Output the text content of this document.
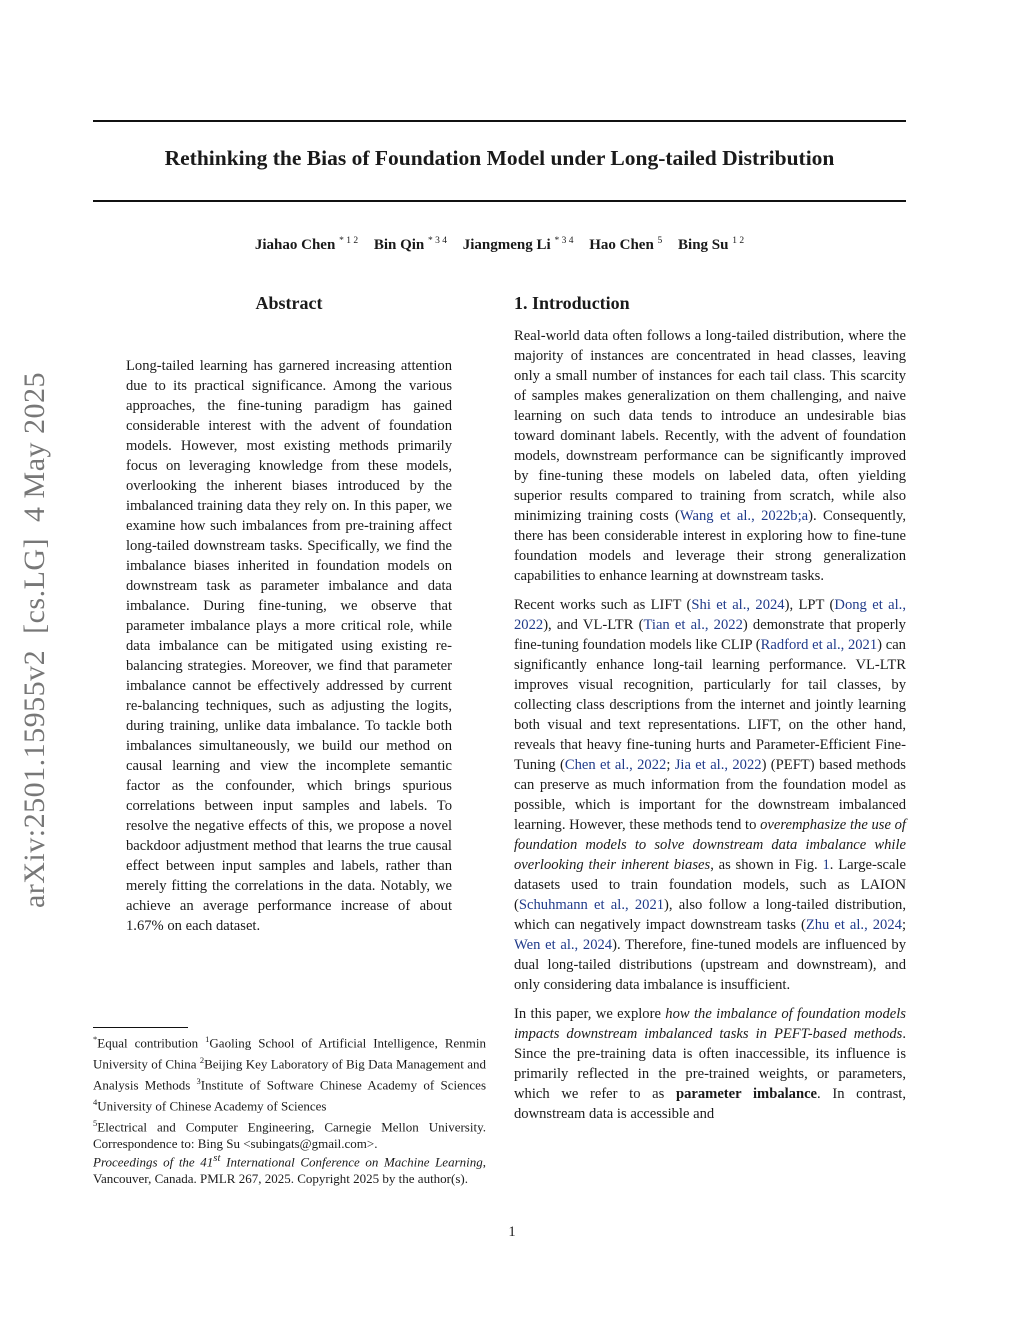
Rethinking the Bias of Foundation Model under Long-tailed Distribution
Jiahao Chen $^{* 1 2}$ Bin Qin $^{* 3 4}$ Jiangmeng Li $^{* 3 4}$ Hao Chen $^5$ Bing Su $^{1 2}$
arXiv:2501.15955v2  [cs.LG]  4 May 2025
Abstract

Long-tailed learning has garnered increasing attention due to its practical significance. Among the various approaches, the fine-tuning paradigm has gained considerable interest with the advent of foundation models. However, most existing methods primarily focus on leveraging knowledge from these models, overlooking the inherent biases introduced by the imbalanced training data they rely on. In this paper, we examine how such imbalances from pre-training affect long-tailed downstream tasks. Specifically, we find the imbalance biases inherited in foundation models on downstream task as parameter imbalance and data imbalance. During fine-tuning, we observe that parameter imbalance plays a more critical role, while data imbalance can be mitigated using existing re-balancing strategies. Moreover, we find that parameter imbalance cannot be effectively addressed by current re-balancing techniques, such as adjusting the logits, during training, unlike data imbalance. To tackle both imbalances simultaneously, we build our method on causal learning and view the incomplete semantic factor as the confounder, which brings spurious correlations between input samples and labels. To resolve the negative effects of this, we propose a novel backdoor adjustment method that learns the true causal effect between input samples and labels, rather than merely fitting the correlations in the data. Notably, we achieve an average performance increase of about 1.67% on each dataset.

1. Introduction

Real-world data often follows a long-tailed distribution, where the majority of instances are concentrated in head classes, leaving only a small number of instances for each tail class. This scarcity of samples makes generalization on them challenging, and naive learning on such data tends to introduce an undesirable bias toward dominant labels. Recently, with the advent of foundation models, downstream performance can be significantly improved by fine-tuning these models on labeled data, often yielding superior results compared to training from scratch, while also minimizing training costs (Wang et al., 2022b;a). Consequently, there has been considerable interest in exploring how to fine-tune foundation models and leverage their strong generalization capabilities to enhance learning at downstream tasks.

Recent works such as LIFT (Shi et al., 2024), LPT (Dong et al., 2022), and VL-LTR (Tian et al., 2022) demonstrate that properly fine-tuning foundation models like CLIP (Radford et al., 2021) can significantly enhance long-tail learning performance. VL-LTR improves visual recognition, particularly for tail classes, by collecting class descriptions from the internet and jointly learning both visual and text representations. LIFT, on the other hand, reveals that heavy fine-tuning hurts and Parameter-Efficient Fine-Tuning (Chen et al., 2022; Jia et al., 2022) (PEFT) based methods can preserve as much information from the foundation model as possible, which is important for the downstream imbalanced learning. However, these methods tend to overemphasize the use of foundation models to solve downstream data imbalance while overlooking their inherent biases, as shown in Fig. 1. Large-scale datasets used to train foundation models, such as LAION (Schuhmann et al., 2021), also follow a long-tailed distribution, which can negatively impact downstream tasks (Zhu et al., 2024; Wen et al., 2024). Therefore, fine-tuned models are influenced by dual long-tailed distributions (upstream and downstream), and only considering data imbalance is insufficient.

In this paper, we explore how the imbalance of foundation models impacts downstream imbalanced tasks in PEFT-based methods. Since the pre-training data is often inaccessible, its influence is primarily reflected in the pre-trained weights, or parameters, which we refer to as parameter imbalance. In contrast, downstream data is accessible and

*Equal contribution $^1$Gaoling School of Artificial Intelligence, Renmin University of China $^2$Beijing Key Laboratory of Big Data Management and Analysis Methods $^3$Institute of Software Chinese Academy of Sciences $^4$University of Chinese Academy of Sciences
$^5$Electrical and Computer Engineering, Carnegie Mellon University. Correspondence to: Bing Su <subingats@gmail.com>.
Proceedings of the 41st International Conference on Machine Learning, Vancouver, Canada. PMLR 267, 2025. Copyright 2025 by the author(s).
1
